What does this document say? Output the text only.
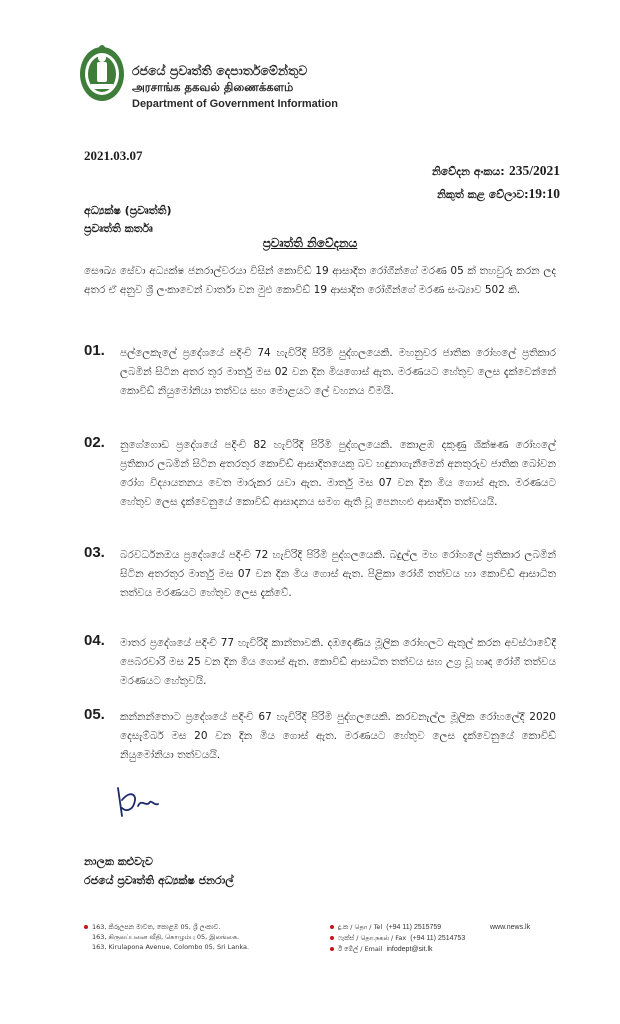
රජයේ ප්‍රවෘත්ති දෙපාර්තමේන්තුව
அரசாங்க தகவல் திணைக்களம்
Department of Government Information
2021.03.07
නිවේදන අංකය: 235/2021
නිකුත් කළ වේලාව:19:10
අධ්‍යක්ෂ (ප්‍රවෘත්ති)
ප්‍රවෘත්ති කර්තෘ
ප්‍රවෘත්ති නිවේදනය
සෞඛ්‍ය සේවා අධ්‍යක්ෂ ජනරාල්වරයා විසින් කොවිඩ් 19 ආසාදිත රෝගීන්ගේ මරණ 05 ක් තහවුරු කරන ලද අතර ඒ අනුව ශ්‍රී ලංකාවෙන් වාර්තා වන මුළු කොවිඩ් 19 ආසාදිත රෝගීන්ගේ මරණ සංඛ්‍යාව 502 කි.
01. පල්ලෙකැලේ ප්‍රදේශයේ පදිංචි 74 හැවිරිදි පිරිමි පුද්ගලයෙකි. මහනුවර ජාතික රෝහලේ ප්‍රතිකාර ලබමින් සිටින අතර තුර මාර්තු මස 02 වන දින මියගොස් ඇත. මරණයට හේතුව ලෙස දැක්වෙන්නේ කොවිඩ් නියුමෝනියා තත්වය සහ මොළයට ලේ වහනය වීමයි.
02. නුගේගොඩ ප්‍රදේශයේ පදිංචි 82 හැවිරිදි පිරිමි පුද්ගලයෙකි. කොළඹ දකුණු ශික්ෂණ රෝහලේ ප්‍රතිකාර ලබමින් සිටින අතරතුර කොවිඩ් ආසාදිතයෙකු බව හඳුනාගැනීමෙන් අනතුරුව ජාතික බෝවන රෝග විද්‍යායතනය වෙත මාරුකර යවා ඇත. මාර්තු මස 07 වන දින මිය ගොස් ඇත. මරණයට හේතුව ලෙස දැක්වෙනුයේ කොවිඩ් ආසාදනය සමග ඇති වූ පෙනහළු ආසාදිත තත්වයයි.
03. බරවර්ධනඔය ප්‍රදේශයේ පදිංචි 72 හැවිරිදි පිරිමි පුද්ගලයෙකි. බදුල්ල මහ රෝහලේ ප්‍රතිකාර ලබමින් සිටින අතරතුර මාර්තු මස 07 වන දින මිය ගොස් ඇත. පිළිකා රෝගී තත්වය හා කොවිඩ් ආසාධිත තත්වය මරණයට හේතුව ලෙස දැක්වේ.
04. මාතර ප්‍රදේශයේ පදිංචි 77 හැවිරිදි කාන්තාවකි. දඹදෙණිය මූලික රෝහලට ඇතුල් කරන අවස්ථාවේදී පෙබරවාරි මස 25 වන දින මිය ගොස් ඇත. කොවිඩ් ආසාධිත තත්වය සහ උග්‍ර වූ හෘද රෝගී තත්වය මරණයට හේතුවයි.
05. කන්නන්තොට ප්‍රදේශයේ පදිංචි 67 හැවිරිදි පිරිමි පුද්ගලයෙකි. කරවනැල්ල මූලික රෝහලේදී 2020 දෙසැම්බර් මස 20 වන දින මිය ගොස් ඇත. මරණයට හේතුව ලෙස දැක්වෙනුයේ කොවිඩ් නියුමෝනියා තත්වයයි.
නාලක කළුවැව
රජයේ ප්‍රවෘත්ති අධ්‍යක්ෂ ජනරාල්
163, කිරුලපන මාවත, කොළඹ 05, ශ්‍රී ලංකාව.
163, கிருலப்பனை வீதி, கொழும்பு 05, இலங்கை.
163, Kirulapona Avenue, Colombo 05, Sri Lanka.
දු.ක / தொ / Tel (+94 11) 2515759
ෆැක්ස් / தொ.நகல் / Fax (+94 11) 2514753
ඊ මේල් / Email infodept@sit.lk
www.news.lk
